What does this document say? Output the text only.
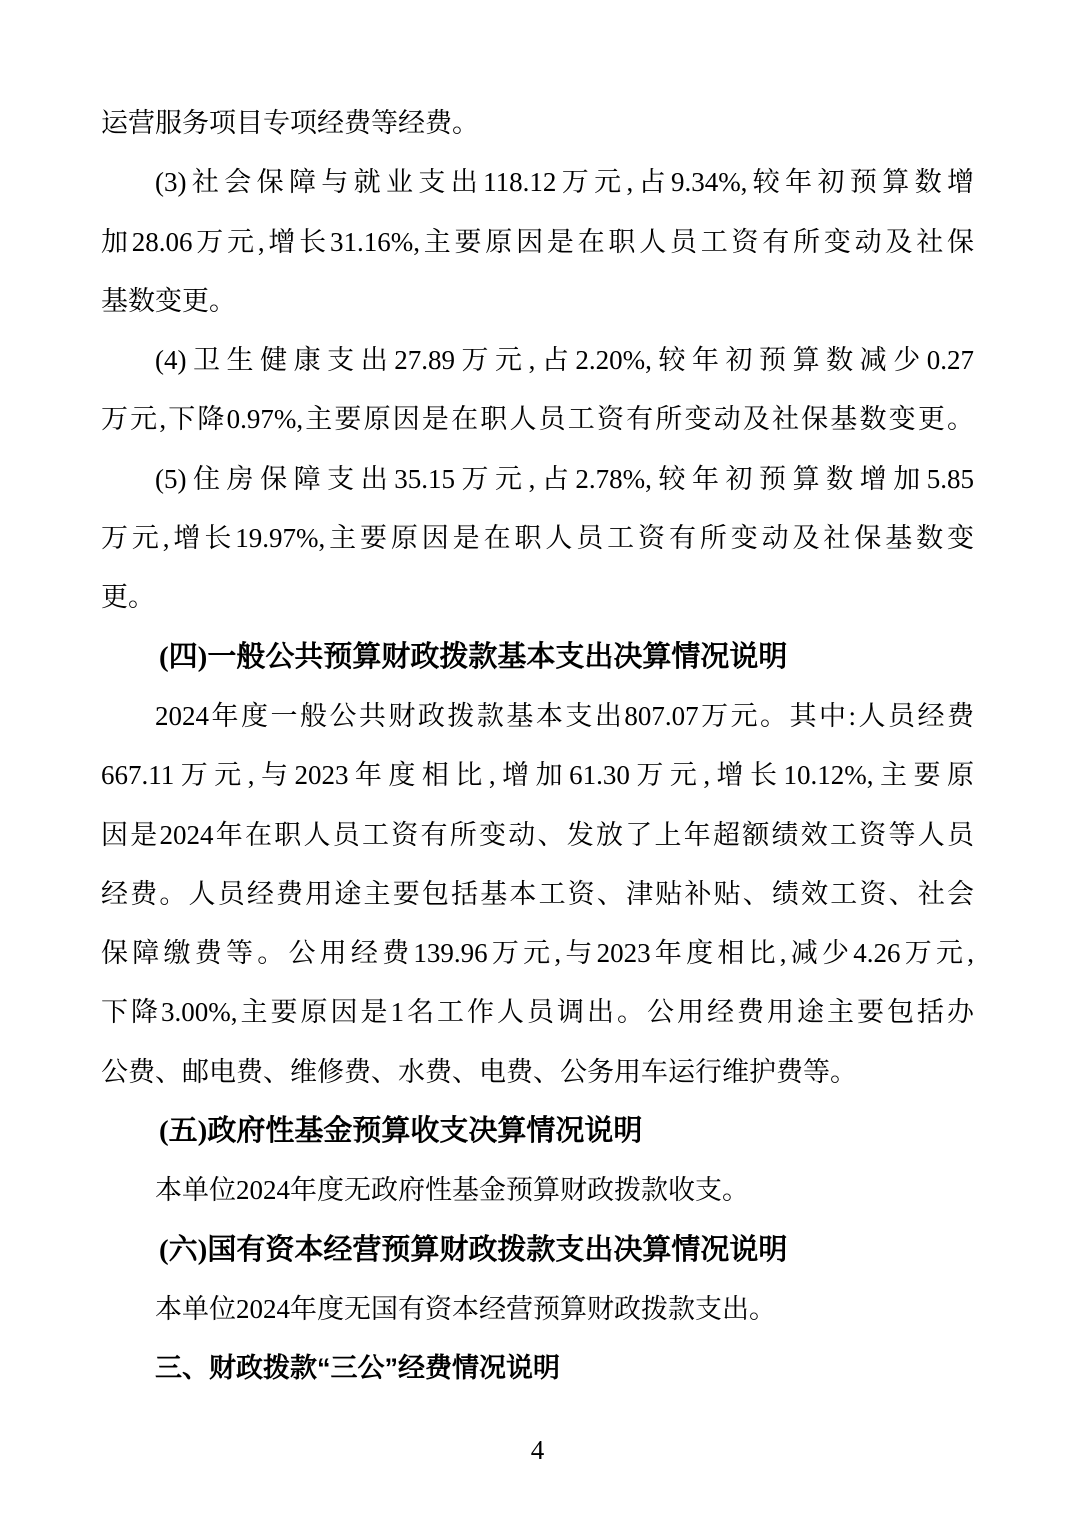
运营服务项目专项经费等经费。
(3)社会保障与就业支出118.12万元,占9.34%,较年初预算数增
加28.06万元,增长31.16%,主要原因是在职人员工资有所变动及社保
基数变更。
(4)卫生健康支出27.89万元,占2.20%,较年初预算数减少0.27
万元,下降0.97%,主要原因是在职人员工资有所变动及社保基数变更。
(5)住房保障支出35.15万元,占2.78%,较年初预算数增加5.85
万元,增长19.97%,主要原因是在职人员工资有所变动及社保基数变
更。
(四)一般公共预算财政拨款基本支出决算情况说明
2024年度一般公共财政拨款基本支出807.07万元。其中:人员经费
667.11万元,与2023年度相比,增加61.30万元,增长10.12%,主要原
因是2024年在职人员工资有所变动、发放了上年超额绩效工资等人员
经费。人员经费用途主要包括基本工资、津贴补贴、绩效工资、社会
保障缴费等。公用经费139.96万元,与2023年度相比,减少4.26万元,
下降3.00%,主要原因是1名工作人员调出。公用经费用途主要包括办
公费、邮电费、维修费、水费、电费、公务用车运行维护费等。
(五)政府性基金预算收支决算情况说明
本单位2024年度无政府性基金预算财政拨款收支。
(六)国有资本经营预算财政拨款支出决算情况说明
本单位2024年度无国有资本经营预算财政拨款支出。
三、财政拨款“三公”经费情况说明
4
